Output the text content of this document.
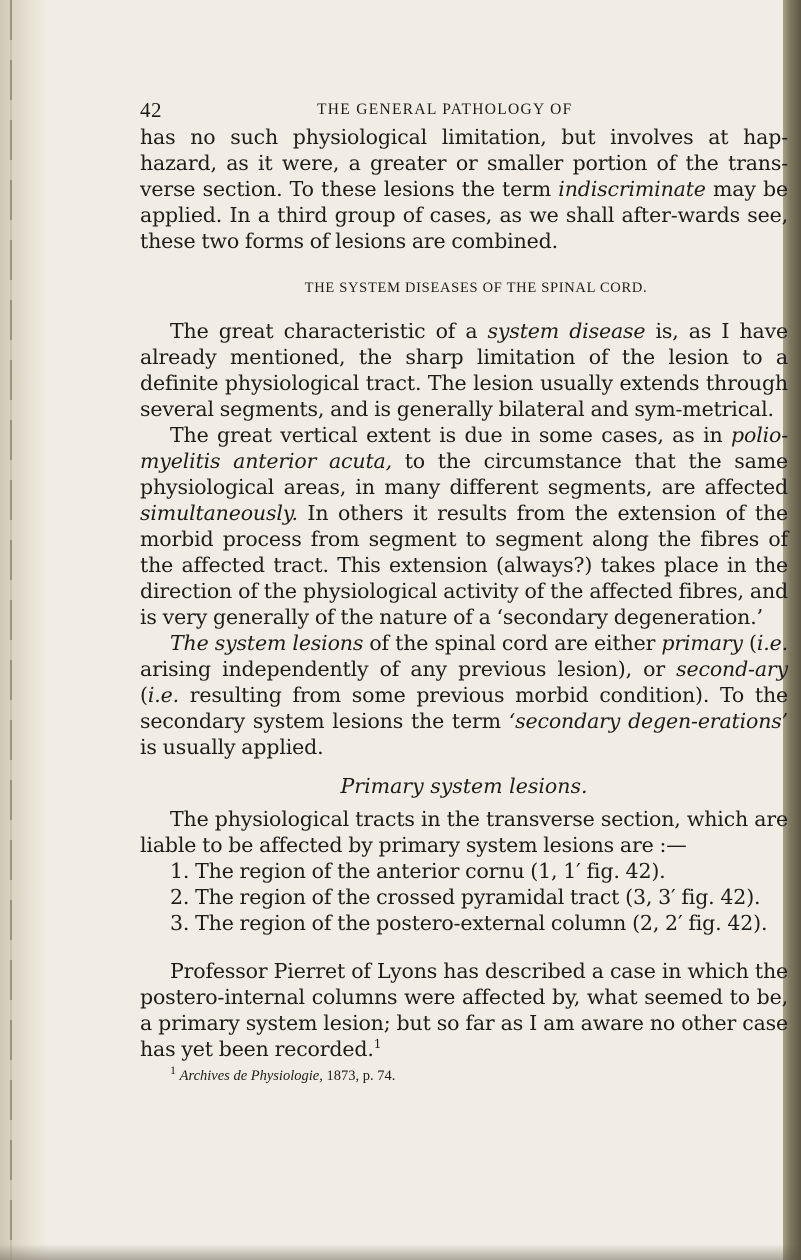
42	THE GENERAL PATHOLOGY OF

has no such physiological limitation, but involves at hap-hazard, as it were, a greater or smaller portion of the trans-verse section. To these lesions the term indiscriminate may be applied. In a third group of cases, as we shall after-wards see, these two forms of lesions are combined.

THE SYSTEM DISEASES OF THE SPINAL CORD.

The great characteristic of a system disease is, as I have already mentioned, the sharp limitation of the lesion to a definite physiological tract. The lesion usually extends through several segments, and is generally bilateral and sym-metrical.

The great vertical extent is due in some cases, as in polio-myelitis anterior acuta, to the circumstance that the same physiological areas, in many different segments, are affected simultaneously. In others it results from the extension of the morbid process from segment to segment along the fibres of the affected tract. This extension (always?) takes place in the direction of the physiological activity of the affected fibres, and is very generally of the nature of a ‘secondary degeneration.’

The system lesions of the spinal cord are either primary (i.e. arising independently of any previous lesion), or second-ary (i.e. resulting from some previous morbid condition). To the secondary system lesions the term ‘secondary degen-erations’ is usually applied.

Primary system lesions.

The physiological tracts in the transverse section, which are liable to be affected by primary system lesions are :—

1. The region of the anterior cornu (1, 1′ fig. 42).
2. The region of the crossed pyramidal tract (3, 3′ fig. 42).
3. The region of the postero-external column (2, 2′ fig. 42).

Professor Pierret of Lyons has described a case in which the postero-internal columns were affected by, what seemed to be, a primary system lesion; but so far as I am aware no other case has yet been recorded.$^1$

$^1$ Archives de Physiologie, 1873, p. 74.
